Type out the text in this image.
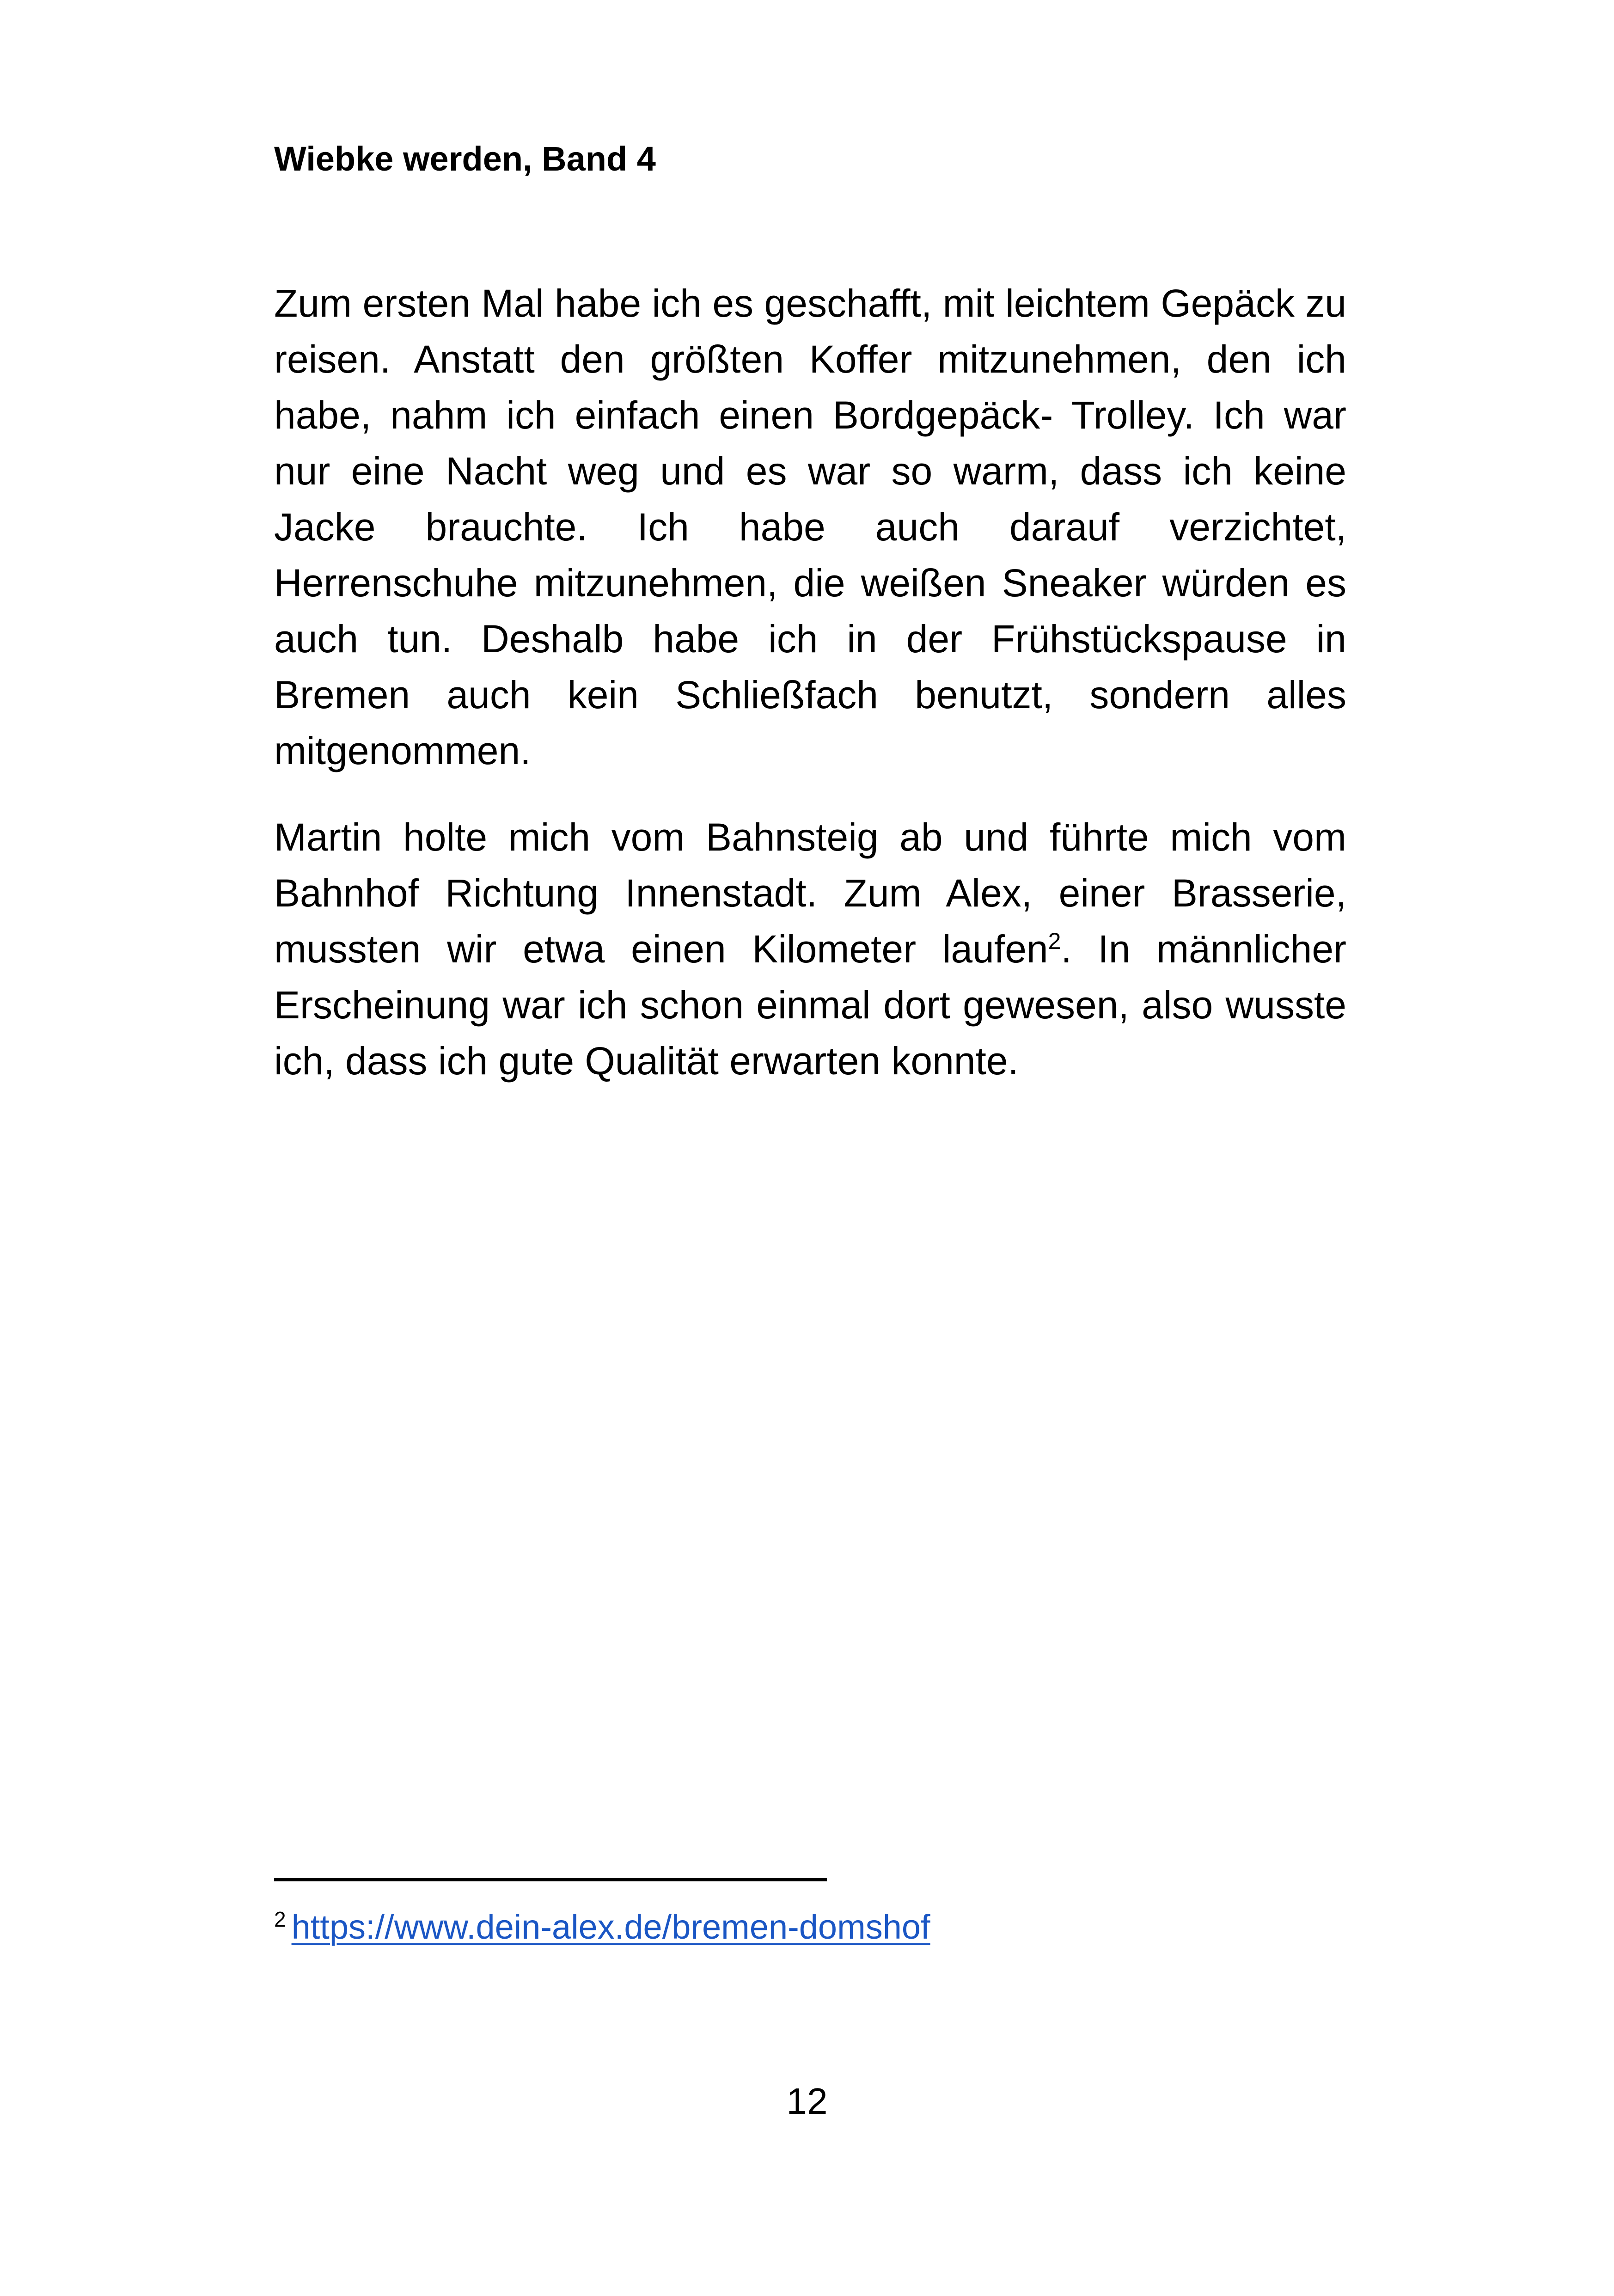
Wiebke werden, Band 4

Zum ersten Mal habe ich es geschafft, mit leichtem Gepäck zu reisen. Anstatt den größten Koffer mitzunehmen, den ich habe, nahm ich einfach einen Bordgepäck- Trolley. Ich war nur eine Nacht weg und es war so warm, dass ich keine Jacke brauchte. Ich habe auch darauf verzichtet, Herrenschuhe mitzunehmen, die weißen Sneaker würden es auch tun. Deshalb habe ich in der Frühstückspause in Bremen auch kein Schließfach benutzt, sondern alles mitgenommen.

Martin holte mich vom Bahnsteig ab und führte mich vom Bahnhof Richtung Innenstadt. Zum Alex, einer Brasserie, mussten wir etwa einen Kilometer laufen$^2$. In männlicher Erscheinung war ich schon einmal dort gewesen, also wusste ich, dass ich gute Qualität erwarten konnte.

$^2$ https://www.dein-alex.de/bremen-domshof

12
